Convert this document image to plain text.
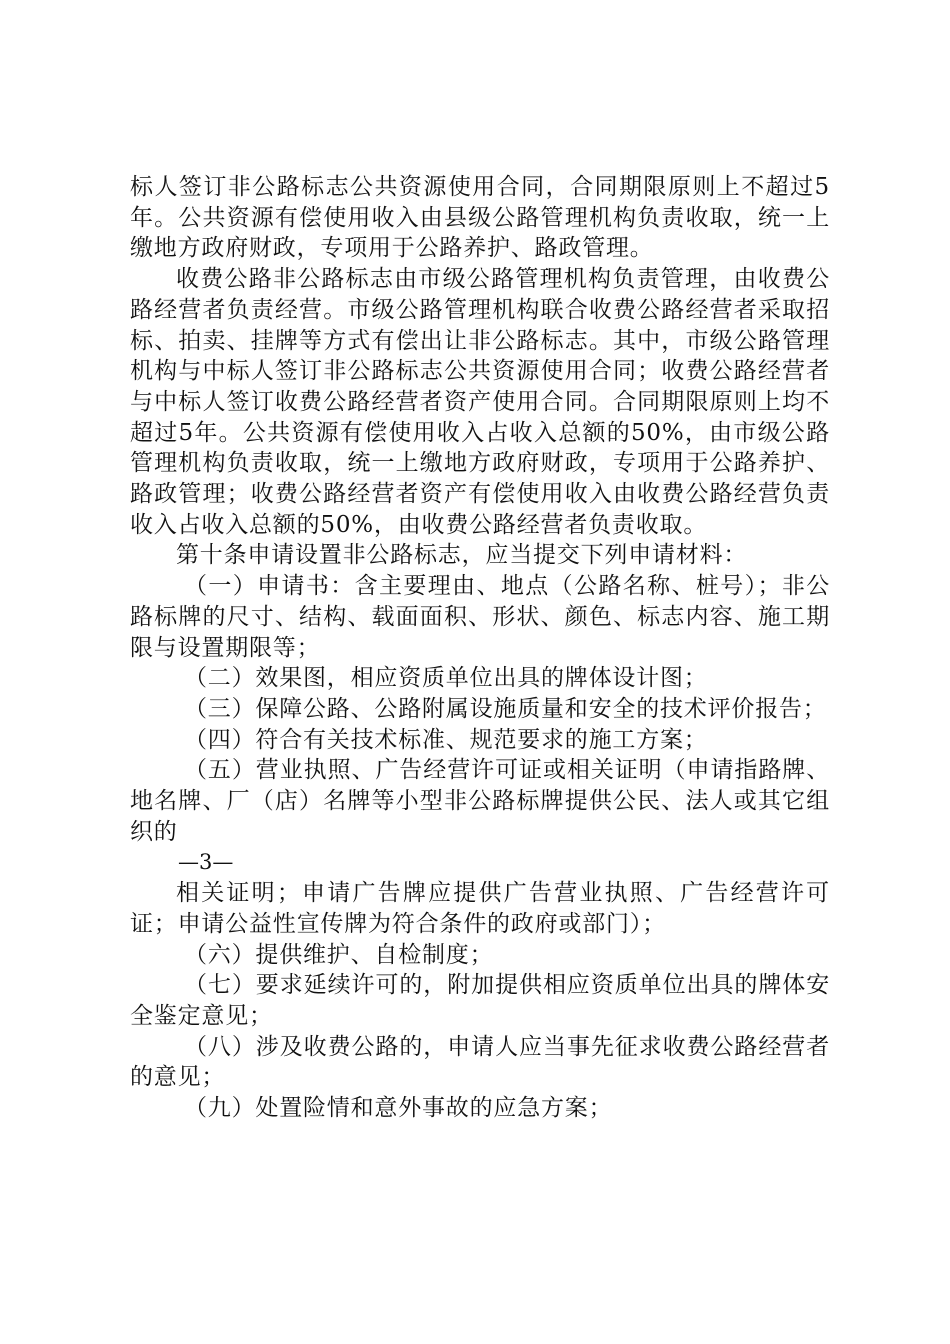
标人签订非公路标志公共资源使用合同，合同期限原则上不超过5年。公共资源有偿使用收入由县级公路管理机构负责收取，统一上缴地方政府财政，专项用于公路养护、路政管理。

收费公路非公路标志由市级公路管理机构负责管理，由收费公路经营者负责经营。市级公路管理机构联合收费公路经营者采取招标、拍卖、挂牌等方式有偿出让非公路标志。其中，市级公路管理机构与中标人签订非公路标志公共资源使用合同；收费公路经营者与中标人签订收费公路经营者资产使用合同。合同期限原则上均不超过5年。公共资源有偿使用收入占收入总额的50%，由市级公路管理机构负责收取，统一上缴地方政府财政，专项用于公路养护、路政管理；收费公路经营者资产有偿使用收入由收费公路经营负责收入占收入总额的50%，由收费公路经营者负责收取。

第十条申请设置非公路标志，应当提交下列申请材料：

（一）申请书：含主要理由、地点（公路名称、桩号）；非公路标牌的尺寸、结构、载面面积、形状、颜色、标志内容、施工期限与设置期限等；

（二）效果图，相应资质单位出具的牌体设计图；

（三）保障公路、公路附属设施质量和安全的技术评价报告；

（四）符合有关技术标准、规范要求的施工方案；

（五）营业执照、广告经营许可证或相关证明（申请指路牌、地名牌、厂（店）名牌等小型非公路标牌提供公民、法人或其它组织的

—3—

相关证明；申请广告牌应提供广告营业执照、广告经营许可证；申请公益性宣传牌为符合条件的政府或部门）；

（六）提供维护、自检制度；

（七）要求延续许可的，附加提供相应资质单位出具的牌体安全鉴定意见；

（八）涉及收费公路的，申请人应当事先征求收费公路经营者的意见；

（九）处置险情和意外事故的应急方案；
